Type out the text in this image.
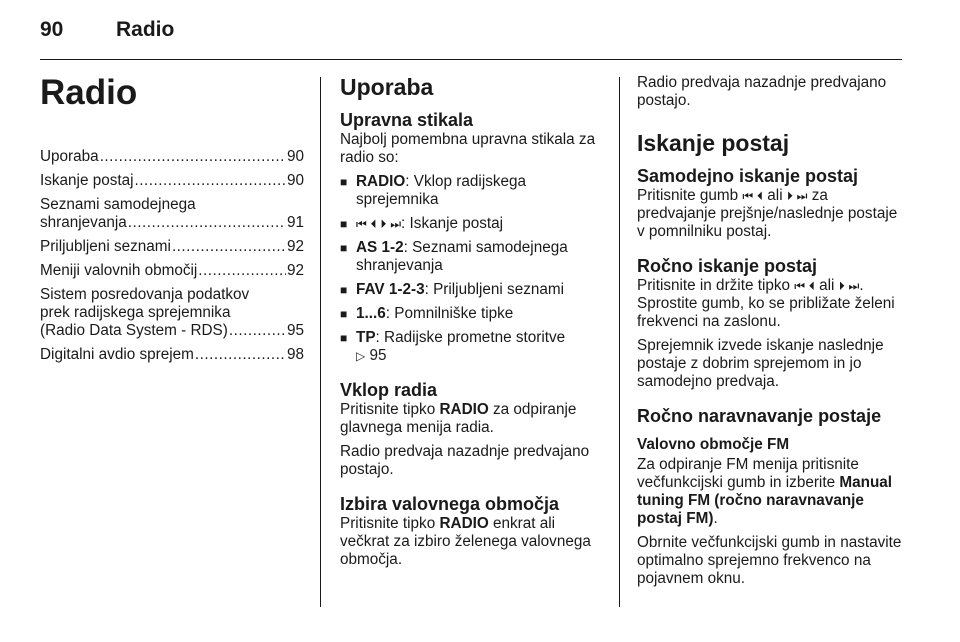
90	Radio
Radio
Uporaba .....	90
Iskanje postaj .....	90
Seznami samodejnega
shranjevanja .....	91
Priljubljeni seznami .....	92
Meniji valovnih območij .....	92
Sistem posredovanja podatkov
prek radijskega sprejemnika
(Radio Data System - RDS) .....	95
Digitalni avdio sprejem .....	98
Uporaba
Upravna stikala

Najbolj pomembna upravna stikala za radio so:

■ RADIO: Vklop radijskega sprejemnika
■ ⏮ ⏴ ⏵ ⏭: Iskanje postaj
■ AS 1-2: Seznami samodejnega shranjevanja
■ FAV 1-2-3: Priljubljeni seznami
■ 1...6: Pomnilniške tipke
■ TP: Radijske prometne storitve
▷ 95
Vklop radia

Pritisnite tipko RADIO za odpiranje glavnega menija radia.

Radio predvaja nazadnje predvajano postajo.

Izbira valovnega območja

Pritisnite tipko RADIO enkrat ali večkrat za izbiro želenega valovnega območja.

Radio predvaja nazadnje predvajano postajo.

Iskanje postaj
Samodejno iskanje postaj

Pritisnite gumb ⏮ ⏴ ali ⏵ ⏭ za predvajanje prejšnje/naslednje postaje v pomnilniku postaj.

Ročno iskanje postaj

Pritisnite in držite tipko ⏮ ⏴ ali ⏵ ⏭. Sprostite gumb, ko se približate želeni frekvenci na zaslonu.

Sprejemnik izvede iskanje naslednje postaje z dobrim sprejemom in jo samodejno predvaja.

Ročno naravnavanje postaje
Valovno območje FM

Za odpiranje FM menija pritisnite večfunkcijski gumb in izberite Manual tuning FM (ročno naravnavanje postaj FM).

Obrnite večfunkcijski gumb in nastavite optimalno sprejemno frekvenco na pojavnem oknu.
